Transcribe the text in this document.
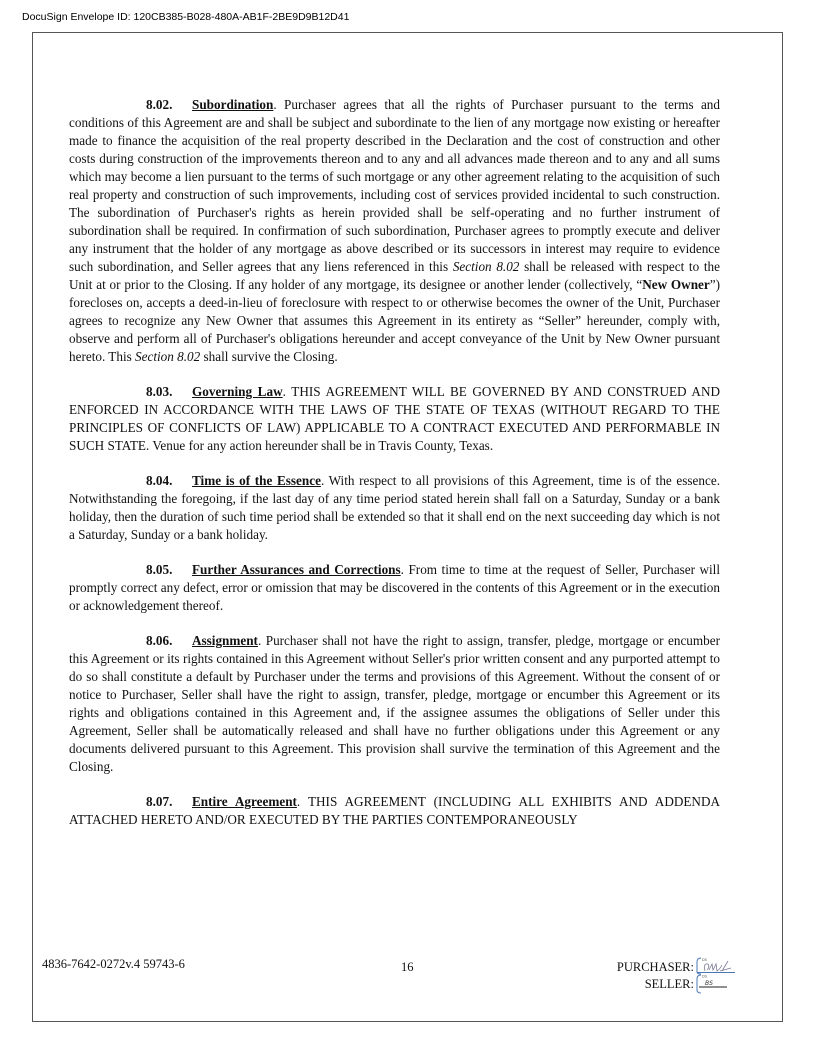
DocuSign Envelope ID: 120CB385-B028-480A-AB1F-2BE9D9B12D41

8.02. Subordination. Purchaser agrees that all the rights of Purchaser pursuant to the terms and conditions of this Agreement are and shall be subject and subordinate to the lien of any mortgage now existing or hereafter made to finance the acquisition of the real property described in the Declaration and the cost of construction and other costs during construction of the improvements thereon and to any and all advances made thereon and to any and all sums which may become a lien pursuant to the terms of such mortgage or any other agreement relating to the acquisition of such real property and construction of such improvements, including cost of services provided incidental to such construction. The subordination of Purchaser's rights as herein provided shall be self-operating and no further instrument of subordination shall be required. In confirmation of such subordination, Purchaser agrees to promptly execute and deliver any instrument that the holder of any mortgage as above described or its successors in interest may require to evidence such subordination, and Seller agrees that any liens referenced in this Section 8.02 shall be released with respect to the Unit at or prior to the Closing. If any holder of any mortgage, its designee or another lender (collectively, “New Owner”) forecloses on, accepts a deed-in-lieu of foreclosure with respect to or otherwise becomes the owner of the Unit, Purchaser agrees to recognize any New Owner that assumes this Agreement in its entirety as “Seller” hereunder, comply with, observe and perform all of Purchaser's obligations hereunder and accept conveyance of the Unit by New Owner pursuant hereto. This Section 8.02 shall survive the Closing.

8.03. Governing Law. THIS AGREEMENT WILL BE GOVERNED BY AND CONSTRUED AND ENFORCED IN ACCORDANCE WITH THE LAWS OF THE STATE OF TEXAS (WITHOUT REGARD TO THE PRINCIPLES OF CONFLICTS OF LAW) APPLICABLE TO A CONTRACT EXECUTED AND PERFORMABLE IN SUCH STATE. Venue for any action hereunder shall be in Travis County, Texas.

8.04. Time is of the Essence. With respect to all provisions of this Agreement, time is of the essence. Notwithstanding the foregoing, if the last day of any time period stated herein shall fall on a Saturday, Sunday or a bank holiday, then the duration of such time period shall be extended so that it shall end on the next succeeding day which is not a Saturday, Sunday or a bank holiday.

8.05. Further Assurances and Corrections. From time to time at the request of Seller, Purchaser will promptly correct any defect, error or omission that may be discovered in the contents of this Agreement or in the execution or acknowledgement thereof.

8.06. Assignment. Purchaser shall not have the right to assign, transfer, pledge, mortgage or encumber this Agreement or its rights contained in this Agreement without Seller's prior written consent and any purported attempt to do so shall constitute a default by Purchaser under the terms and provisions of this Agreement. Without the consent of or notice to Purchaser, Seller shall have the right to assign, transfer, pledge, mortgage or encumber this Agreement or its rights and obligations contained in this Agreement and, if the assignee assumes the obligations of Seller under this Agreement, Seller shall be automatically released and shall have no further obligations under this Agreement or any documents delivered pursuant to this Agreement. This provision shall survive the termination of this Agreement and the Closing.

8.07. Entire Agreement. THIS AGREEMENT (INCLUDING ALL EXHIBITS AND ADDENDA ATTACHED HERETO AND/OR EXECUTED BY THE PARTIES CONTEMPORANEOUSLY

4836-7642-0272v.4 59743-6	16	PURCHASER:
SELLER:
DS
DS
BS
